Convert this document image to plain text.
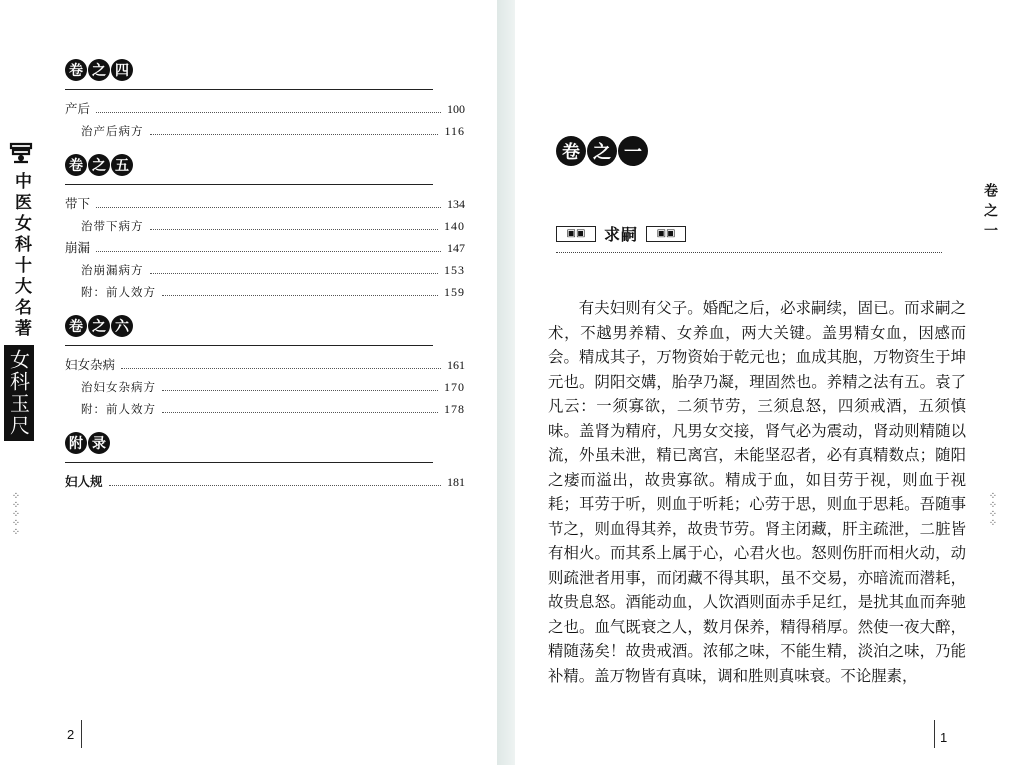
中医女科十大名著
女科玉尺
⁘
⁘
⁘
⁘
⁘
卷 之 四
产后	100
治产后病方	116
卷 之 五
带下	134
治带下病方	140
崩漏	147
治崩漏病方	153
附：前人效方	159
卷 之 六
妇女杂病	161
治妇女杂病方	170
附：前人效方	178
附 录
妇人规	181
2
卷 之 一
▣▣	求嗣	▣▣

有夫妇则有父子。婚配之后，必求嗣续，固已。而求嗣之术，不越男养精、女养血，两大关键。盖男精女血，因感而会。精成其子，万物资始于乾元也；血成其胞，万物资生于坤元也。阴阳交媾，胎孕乃凝，理固然也。养精之法有五。袁了凡云：一须寡欲，二须节劳，三须息怒，四须戒酒，五须慎味。盖肾为精府，凡男女交接，肾气必为震动，肾动则精随以流，外虽未泄，精已离宫，未能坚忍者，必有真精数点；随阳之痿而溢出，故贵寡欲。精成于血，如目劳于视，则血于视耗；耳劳于听，则血于听耗；心劳于思，则血于思耗。吾随事节之，则血得其养，故贵节劳。肾主闭藏，肝主疏泄，二脏皆有相火。而其系上属于心，心君火也。怒则伤肝而相火动，动则疏泄者用事，而闭藏不得其职，虽不交易，亦暗流而潜耗，故贵息怒。酒能动血，人饮酒则面赤手足红，是扰其血而奔驰之也。血气既衰之人，数月保养，精得稍厚。然使一夜大醉，精随荡矣！故贵戒酒。浓郁之味，不能生精，淡泊之味，乃能补精。盖万物皆有真味，调和胜则真味衰。不论腥素，

卷之一
⁘
⁘
⁘
⁘
1
